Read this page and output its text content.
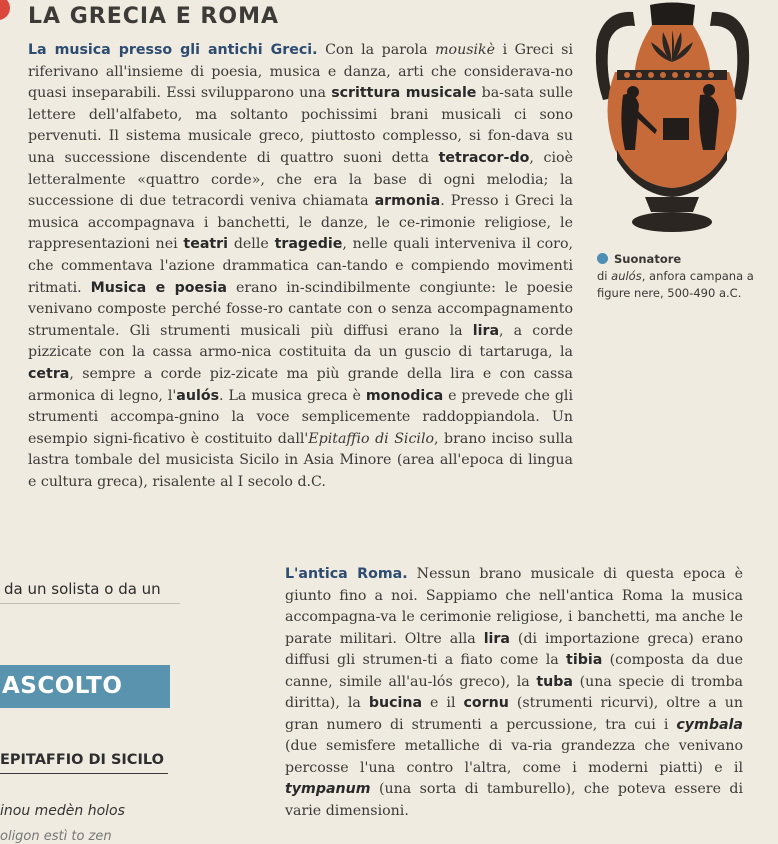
LA GRECIA E ROMA

La musica presso gli antichi Greci. Con la parola mousikè i Greci si riferivano all'insieme di poesia, musica e danza, arti che considerava-no quasi inseparabili. Essi svilupparono una scrittura musicale ba-sata sulle lettere dell'alfabeto, ma soltanto pochissimi brani musicali ci sono pervenuti. Il sistema musicale greco, piuttosto complesso, si fon-dava su una successione discendente di quattro suoni detta tetracor-do, cioè letteralmente «quattro corde», che era la base di ogni melodia; la successione di due tetracordi veniva chiamata armonia. Presso i Greci la musica accompagnava i banchetti, le danze, le ce-rimonie religiose, le rappresentazioni nei teatri delle tragedie, nelle quali interveniva il coro, che commentava l'azione drammatica can-tando e compiendo movimenti ritmati. Musica e poesia erano in-scindibilmente congiunte: le poesie venivano composte perché fosse-ro cantate con o senza accompagnamento strumentale. Gli strumenti musicali più diffusi erano la lira, a corde pizzicate con la cassa armo-nica costituita da un guscio di tartaruga, la cetra, sempre a corde piz-zicate ma più grande della lira e con cassa armonica di legno, l'aulós. La musica greca è monodica e prevede che gli strumenti accompa-gnino la voce semplicemente raddoppiandola. Un esempio signi-ficativo è costituito dall'Epitaffio di Sicilo, brano inciso sulla lastra tombale del musicista Sicilo in Asia Minore (area all'epoca di lingua e cultura greca), risalente al I secolo d.C.

Suonatore
di aulós, anfora campana a figure nere, 500-490 a.C.
da un solista o da un
ASCOLTO
EPITAFFIO DI SICILO
inou medèn holos
oligon estì to zen

L'antica Roma. Nessun brano musicale di questa epoca è giunto fino a noi. Sappiamo che nell'antica Roma la musica accompagna-va le cerimonie religiose, i banchetti, ma anche le parate militari. Oltre alla lira (di importazione greca) erano diffusi gli strumen-ti a fiato come la tibia (composta da due canne, simile all'au-lós greco), la tuba (una specie di tromba diritta), la bucina e il cornu (strumenti ricurvi), oltre a un gran numero di strumenti a percussione, tra cui i cymbala (due semisfere metalliche di va-ria grandezza che venivano percosse l'una contro l'altra, come i moderni piatti) e il tympanum (una sorta di tamburello), che poteva essere di varie dimensioni.
